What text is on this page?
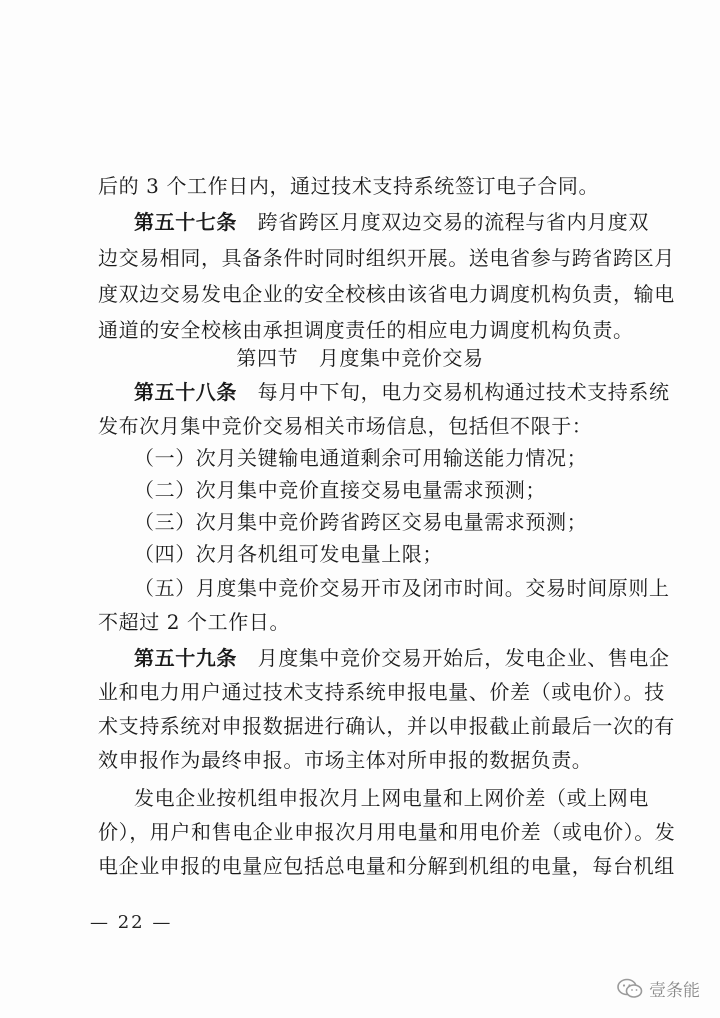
后的 3 个工作日内，通过技术支持系统签订电子合同。
第五十七条　跨省跨区月度双边交易的流程与省内月度双
边交易相同，具备条件时同时组织开展。送电省参与跨省跨区月
度双边交易发电企业的安全校核由该省电力调度机构负责，输电
通道的安全校核由承担调度责任的相应电力调度机构负责。
第四节　月度集中竞价交易
第五十八条　每月中下旬，电力交易机构通过技术支持系统
发布次月集中竞价交易相关市场信息，包括但不限于：
（一）次月关键输电通道剩余可用输送能力情况；
（二）次月集中竞价直接交易电量需求预测；
（三）次月集中竞价跨省跨区交易电量需求预测；
（四）次月各机组可发电量上限；
（五）月度集中竞价交易开市及闭市时间。交易时间原则上
不超过 2 个工作日。
第五十九条　月度集中竞价交易开始后，发电企业、售电企
业和电力用户通过技术支持系统申报电量、价差（或电价）。技
术支持系统对申报数据进行确认，并以申报截止前最后一次的有
效申报作为最终申报。市场主体对所申报的数据负责。
发电企业按机组申报次月上网电量和上网价差（或上网电
价），用户和售电企业申报次月用电量和用电价差（或电价）。发
电企业申报的电量应包括总电量和分解到机组的电量，每台机组
— 22 —
壹条能
